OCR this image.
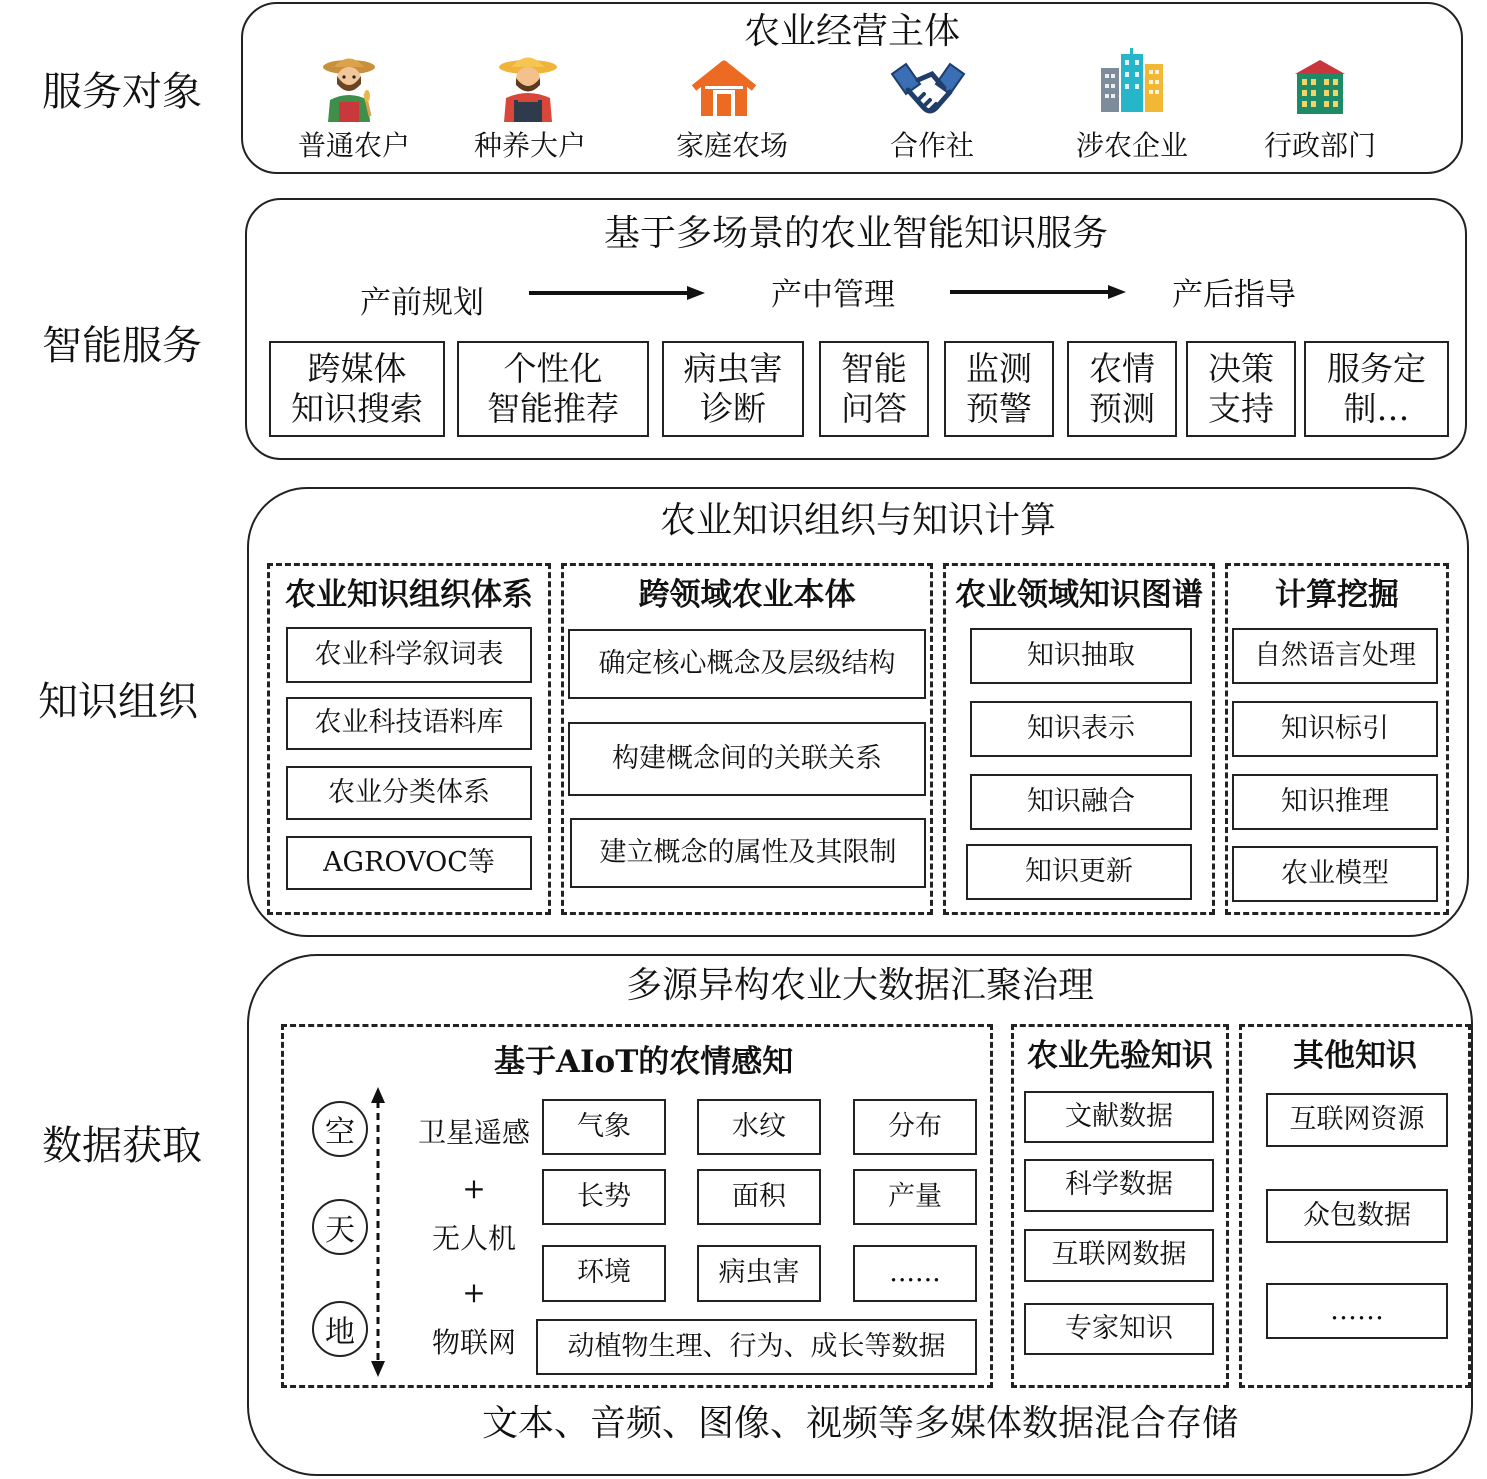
服务对象
智能服务
知识组织
数据获取
农业经营主体
普通农户	种养大户	家庭农场	合作社	涉农企业	行政部门
基于多场景的农业智能知识服务
产前规划	产中管理	产后指导
跨媒体
知识搜索
个性化
智能推荐
病虫害
诊断
智能
问答
监测
预警
农情
预测
决策
支持
服务定
制…
农业知识组织与知识计算
农业知识组织体系
农业科学叙词表
农业科技语料库
农业分类体系
AGROVOC等
跨领域农业本体
确定核心概念及层级结构
构建概念间的关联关系
建立概念的属性及其限制
农业领域知识图谱
知识抽取
知识表示
知识融合
知识更新
计算挖掘
自然语言处理
知识标引
知识推理
农业模型
多源异构农业大数据汇聚治理
基于AIoT的农情感知
空
天
地
卫星遥感
+
无人机
+
物联网
气象	水纹	分布
长势	面积	产量
环境	病虫害	......
动植物生理、行为、成长等数据
农业先验知识
文献数据
科学数据
互联网数据
专家知识
其他知识
互联网资源
众包数据
……
文本、音频、图像、视频等多媒体数据混合存储
